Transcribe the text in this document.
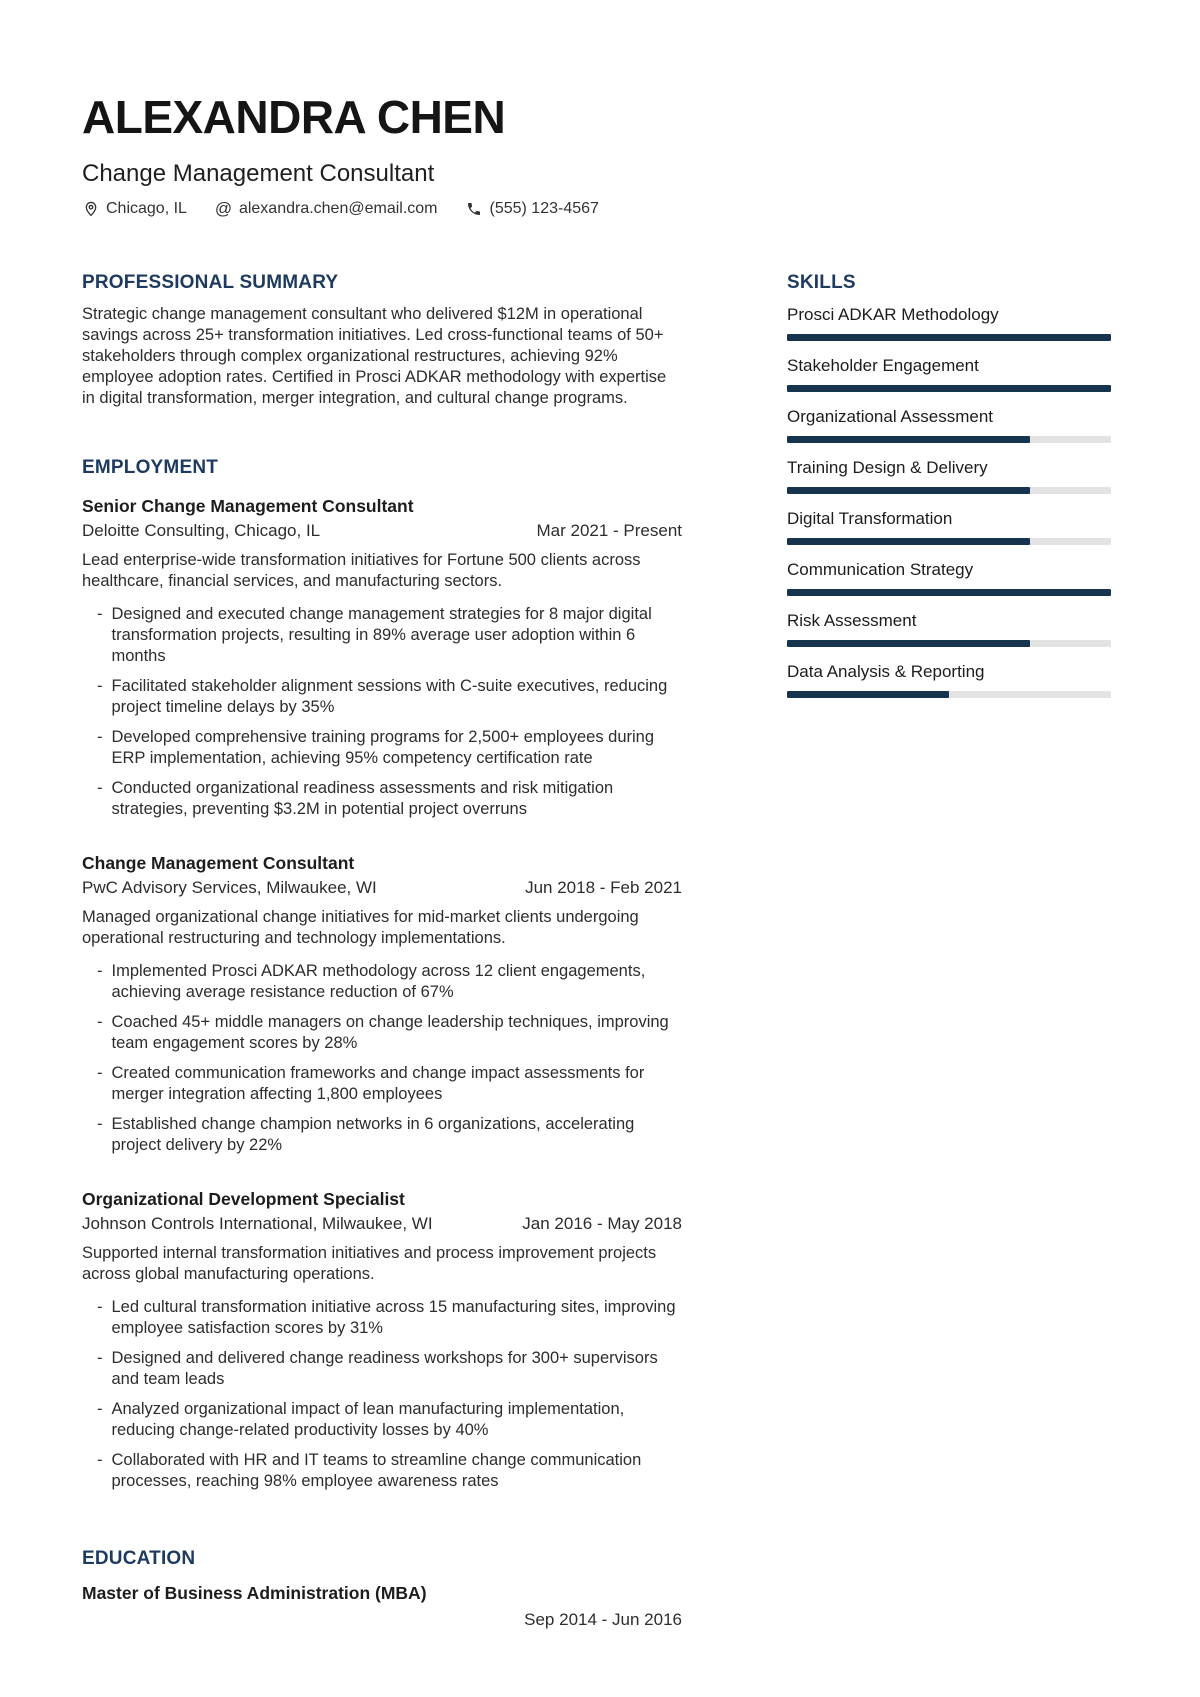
ALEXANDRA CHEN
Change Management Consultant
Chicago, IL @ alexandra.chen@email.com	(555) 123-4567
PROFESSIONAL SUMMARY

Strategic change management consultant who delivered $12M in operational savings across 25+ transformation initiatives. Led cross-functional teams of 50+ stakeholders through complex organizational restructures, achieving 92% employee adoption rates. Certified in Prosci ADKAR methodology with expertise in digital transformation, merger integration, and cultural change programs.

EMPLOYMENT
Senior Change Management Consultant
Deloitte Consulting, Chicago, IL	Mar 2021 - Present

Lead enterprise-wide transformation initiatives for Fortune 500 clients across healthcare, financial services, and manufacturing sectors.

- Designed and executed change management strategies for 8 major digital transformation projects, resulting in 89% average user adoption within 6 months
- Facilitated stakeholder alignment sessions with C-suite executives, reducing project timeline delays by 35%
- Developed comprehensive training programs for 2,500+ employees during ERP implementation, achieving 95% competency certification rate
- Conducted organizational readiness assessments and risk mitigation strategies, preventing $3.2M in potential project overruns
Change Management Consultant
PwC Advisory Services, Milwaukee, WI	Jun 2018 - Feb 2021

Managed organizational change initiatives for mid-market clients undergoing operational restructuring and technology implementations.

- Implemented Prosci ADKAR methodology across 12 client engagements, achieving average resistance reduction of 67%
- Coached 45+ middle managers on change leadership techniques, improving team engagement scores by 28%
- Created communication frameworks and change impact assessments for merger integration affecting 1,800 employees
- Established change champion networks in 6 organizations, accelerating project delivery by 22%
Organizational Development Specialist
Johnson Controls International, Milwaukee, WI	Jan 2016 - May 2018

Supported internal transformation initiatives and process improvement projects across global manufacturing operations.

- Led cultural transformation initiative across 15 manufacturing sites, improving employee satisfaction scores by 31%
- Designed and delivered change readiness workshops for 300+ supervisors and team leads
- Analyzed organizational impact of lean manufacturing implementation, reducing change-related productivity losses by 40%
- Collaborated with HR and IT teams to streamline change communication processes, reaching 98% employee awareness rates
EDUCATION
Master of Business Administration (MBA)
Sep 2014 - Jun 2016
SKILLS
Prosci ADKAR Methodology
Stakeholder Engagement
Organizational Assessment
Training Design & Delivery
Digital Transformation
Communication Strategy
Risk Assessment
Data Analysis & Reporting
